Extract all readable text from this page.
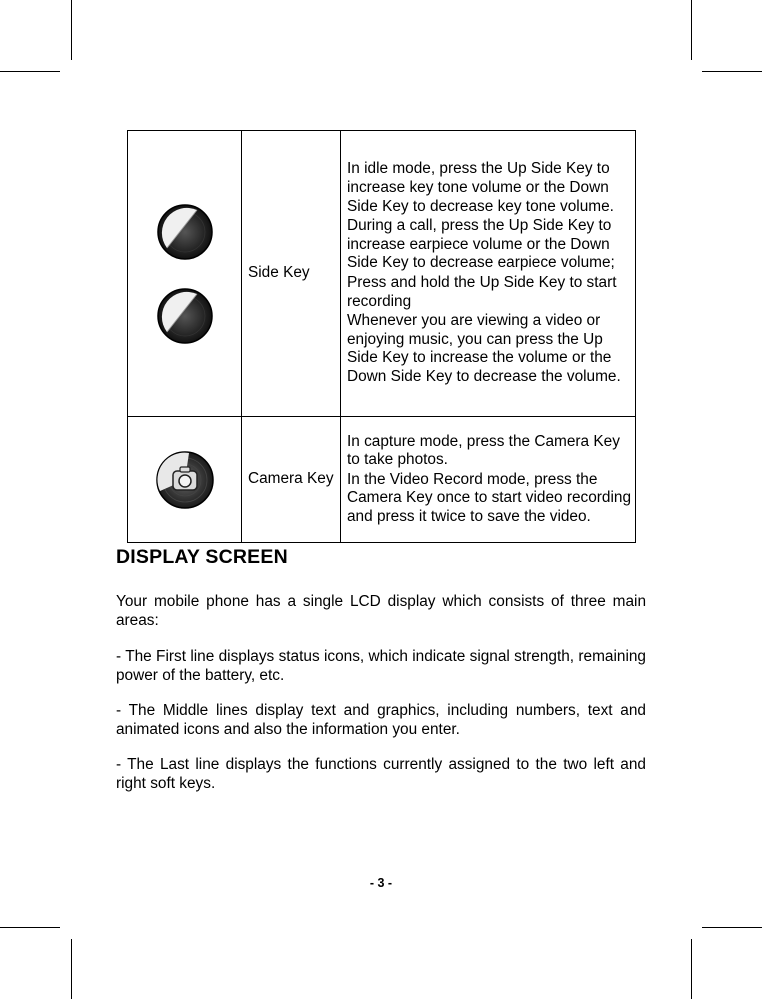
	Side Key	In idle mode, press the Up Side Key to increase key tone volume or the Down Side Key to decrease key tone volume.

During a call, press the Up Side Key to increase earpiece volume or the Down Side Key to decrease earpiece volume;

Press and hold the Up Side Key to start recording

Whenever you are viewing a video or enjoying music, you can press the Up Side Key to increase the volume or the Down Side Key to decrease the volume.

	Camera Key	In capture mode, press the Camera Key to take photos.

In the Video Record mode, press the Camera Key once to start video recording and press it twice to save the video.

DISPLAY SCREEN

Your mobile phone has a single LCD display which consists of three main areas:

- The First line displays status icons, which indicate signal strength, remaining power of the battery, etc.

- The Middle lines display text and graphics, including numbers, text and animated icons and also the information you enter.

- The Last line displays the functions currently assigned to the two left and right soft keys.

- 3 -
